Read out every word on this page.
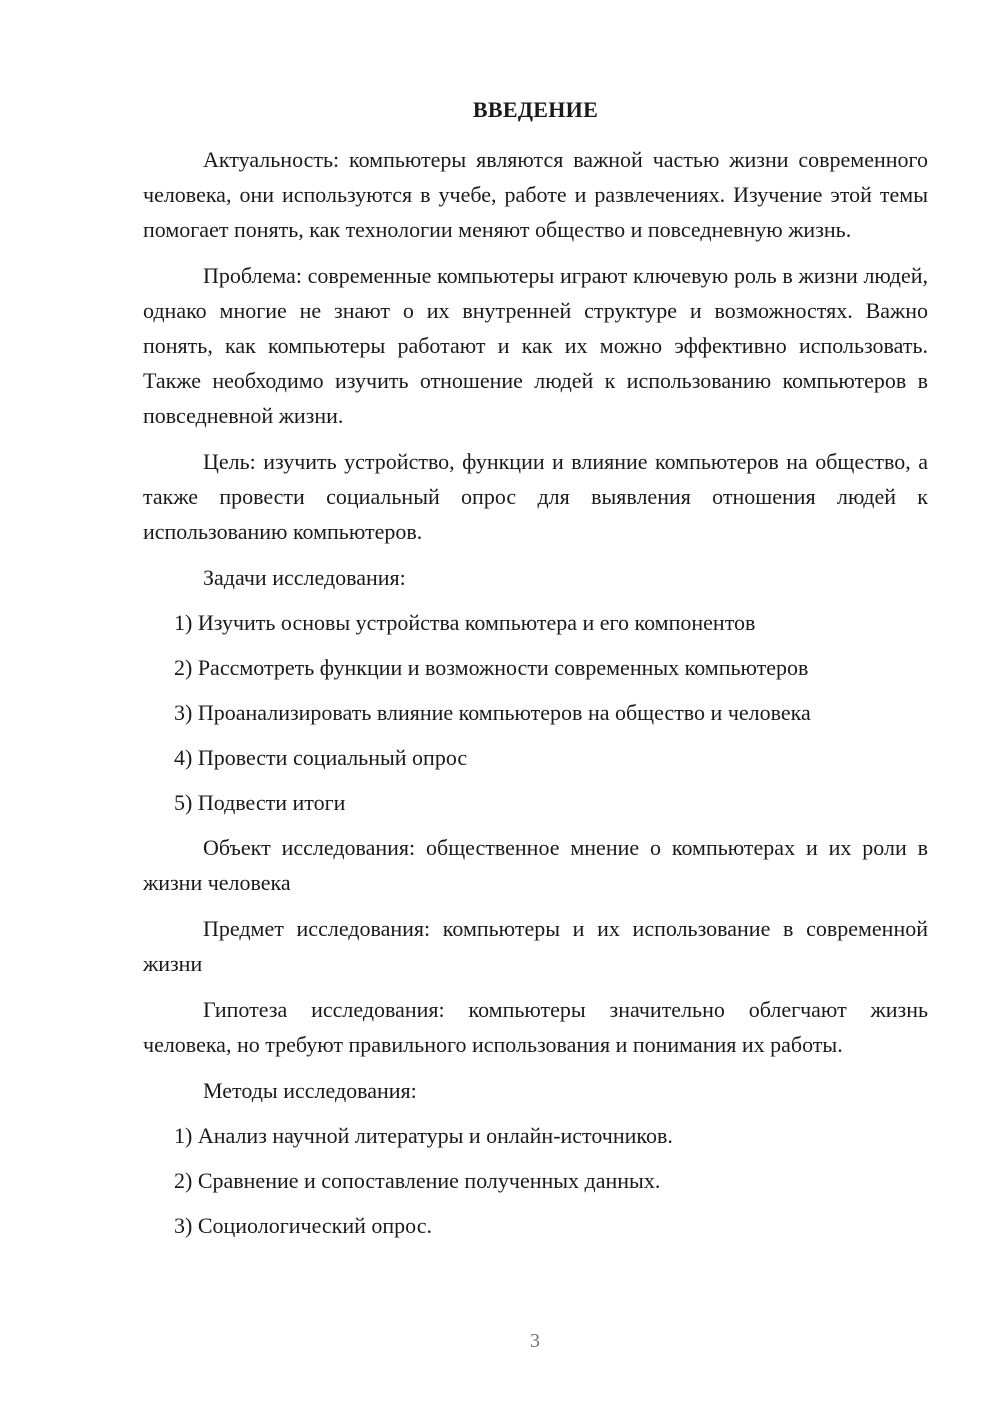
ВВЕДЕНИЕ

Актуальность: компьютеры являются важной частью жизни современного человека, они используются в учебе, работе и развлечениях. Изучение этой темы помогает понять, как технологии меняют общество и повседневную жизнь.

Проблема: современные компьютеры играют ключевую роль в жизни людей, однако многие не знают о их внутренней структуре и возможностях. Важно понять, как компьютеры работают и как их можно эффективно использовать. Также необходимо изучить отношение людей к использованию компьютеров в повседневной жизни.

Цель: изучить устройство, функции и влияние компьютеров на общество, а также провести социальный опрос для выявления отношения людей к использованию компьютеров.

Задачи исследования:

1) Изучить основы устройства компьютера и его компонентов
2) Рассмотреть функции и возможности современных компьютеров
3) Проанализировать влияние компьютеров на общество и человека
4) Провести социальный опрос
5) Подвести итоги

Объект исследования: общественное мнение о компьютерах и их роли в жизни человека

Предмет исследования: компьютеры и их использование в современной жизни

Гипотеза исследования: компьютеры значительно облегчают жизнь человека, но требуют правильного использования и понимания их работы.

Методы исследования:

1) Анализ научной литературы и онлайн-источников.
2) Сравнение и сопоставление полученных данных.
3) Социологический опрос.
3
